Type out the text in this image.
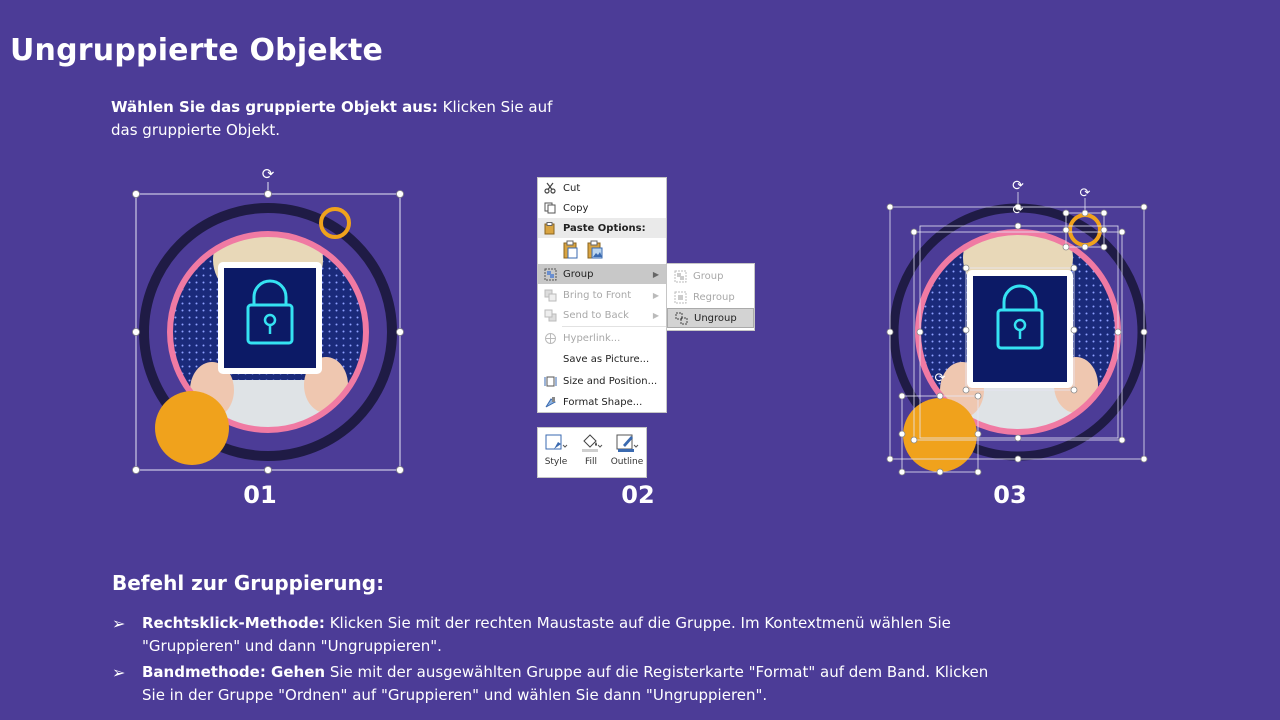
Ungruppierte Objekte
Wählen Sie das gruppierte Objekt aus: Klicken Sie auf das gruppierte Objekt.
⟳
01
Cut
Copy
Paste Options:
Group	▶
Bring to Front	▶
Send to Back	▶
Hyperlink...
Save as Picture...
Size and Position...
Format Shape...
Group
Regroup
Ungroup
Style Fill Outline
02
⟳
⟳
⟳
⟳
03
Befehl zur Gruppierung:
➢ Rechtsklick-Methode: Klicken Sie mit der rechten Maustaste auf die Gruppe. Im Kontextmenü wählen Sie "Gruppieren" und dann "Ungruppieren".
➢ Bandmethode: Gehen Sie mit der ausgewählten Gruppe auf die Registerkarte "Format" auf dem Band. Klicken Sie in der Gruppe "Ordnen" auf "Gruppieren" und wählen Sie dann "Ungruppieren".
